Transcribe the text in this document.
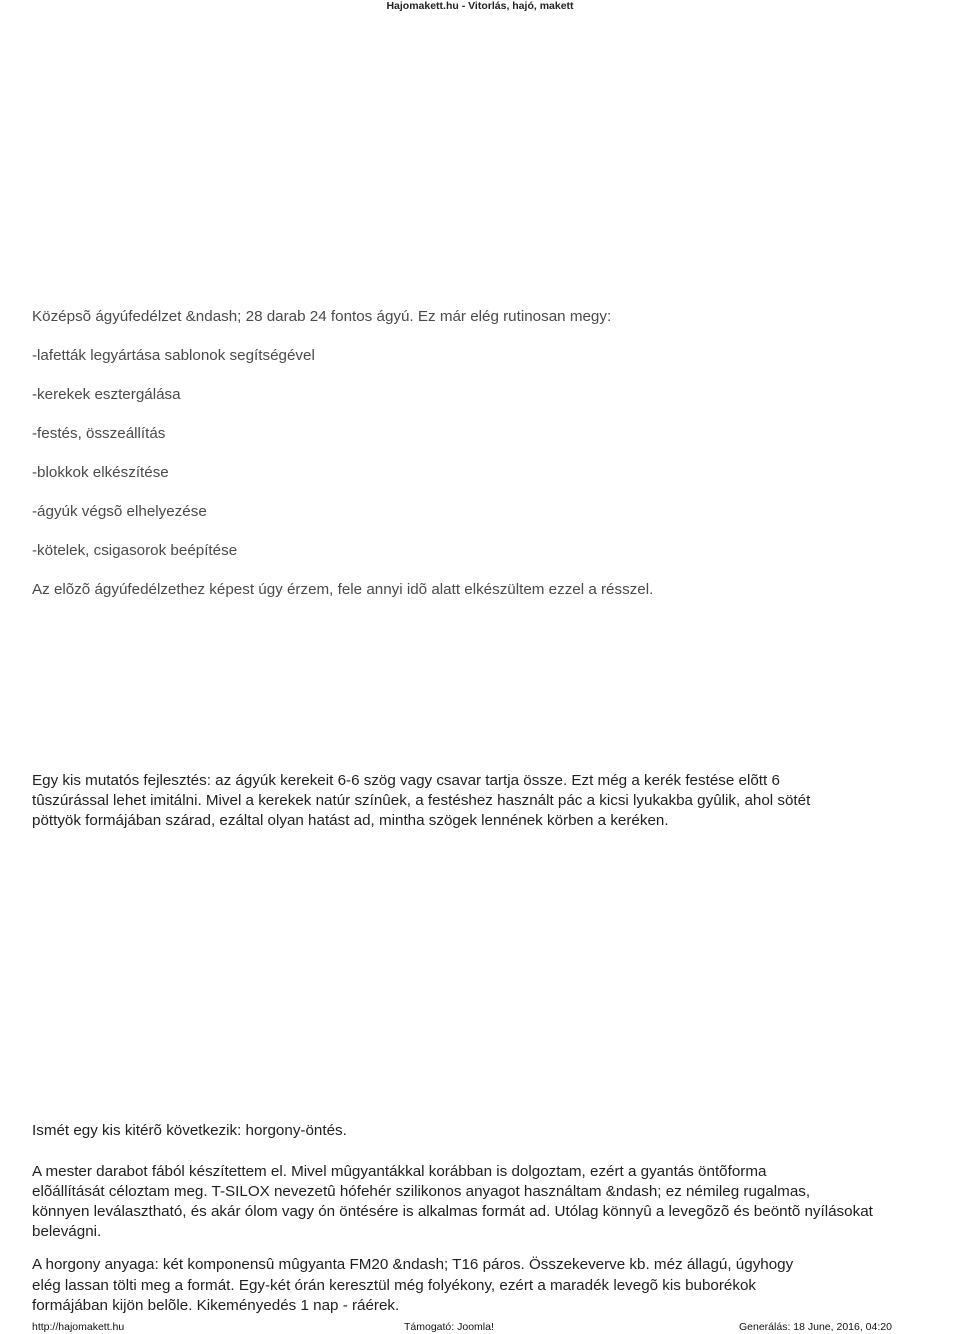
Hajomakett.hu - Vitorlás, hajó, makett
Középsõ ágyúfedélzet &ndash; 28 darab 24 fontos ágyú. Ez már elég rutinosan megy:
-lafetták legyártása sablonok segítségével
-kerekek esztergálása
-festés, összeállítás
-blokkok elkészítése
-ágyúk végsõ elhelyezése
-kötelek, csigasorok beépítése
Az elõzõ ágyúfedélzethez képest úgy érzem, fele annyi idõ alatt elkészültem ezzel a résszel.
Egy kis mutatós fejlesztés: az ágyúk kerekeit 6-6 szög vagy csavar tartja össze. Ezt még a kerék festése elõtt 6
tûszúrással lehet imitálni. Mivel a kerekek natúr színûek, a festéshez használt pác a kicsi lyukakba gyûlik, ahol sötét
pöttyök formájában szárad, ezáltal olyan hatást ad, mintha szögek lennének körben a keréken.
Ismét egy kis kitérõ következik: horgony-öntés.

A mester darabot fából készítettem el. Mivel mûgyantákkal korábban is dolgoztam, ezért a gyantás öntõforma
elõállítását céloztam meg. T-SILOX nevezetû hófehér szilikonos anyagot használtam &ndash; ez némileg rugalmas,
könnyen leválasztható, és akár ólom vagy ón öntésére is alkalmas formát ad. Utólag könnyû a levegõzõ és beöntõ nyílásokat
belevágni.
A horgony anyaga: két komponensû mûgyanta FM20 &ndash; T16 páros. Összekeverve kb. méz állagú, úgyhogy
elég lassan tölti meg a formát. Egy-két órán keresztül még folyékony, ezért a maradék levegõ kis buborékok
formájában kijön belõle. Kikeményedés 1 nap - ráérek.
http://hajomakett.hu	Támogató: Joomla!	Generálás: 18 June, 2016, 04:20
